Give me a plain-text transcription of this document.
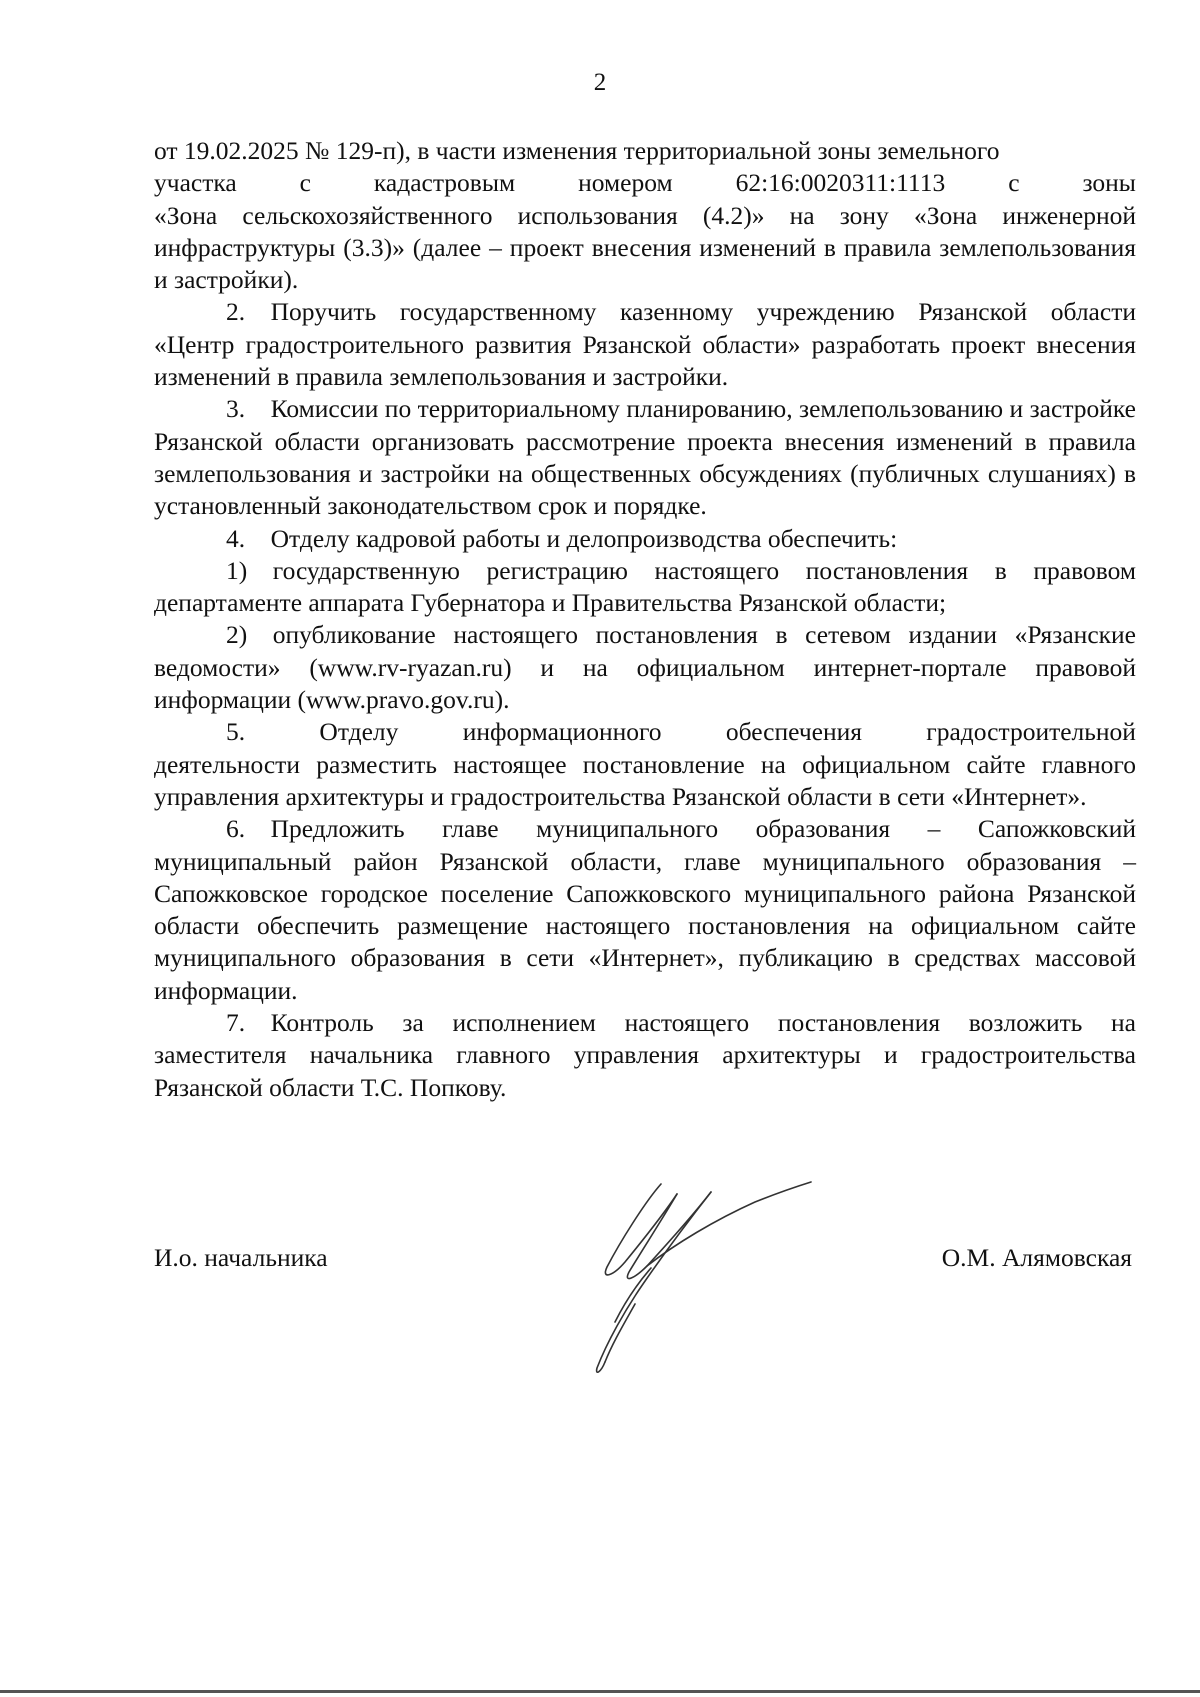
2

от 19.02.2025 № 129-п), в части изменения территориальной зоны земельного

участка с кадастровым номером 62:16:0020311:1113 с зоны

«Зона сельскохозяйственного использования (4.2)» на зону «Зона инженерной инфраструктуры (3.3)» (далее – проект внесения изменений в правила землепользования и застройки).

2. Поручить государственному казенному учреждению Рязанской области «Центр градостроительного развития Рязанской области» разработать проект внесения изменений в правила землепользования и застройки.

3. Комиссии по территориальному планированию, землепользованию и застройке Рязанской области организовать рассмотрение проекта внесения изменений в правила землепользования и застройки на общественных обсуждениях (публичных слушаниях) в установленный законодательством срок и порядке.

4. Отделу кадровой работы и делопроизводства обеспечить:

1) государственную регистрацию настоящего постановления в правовом департаменте аппарата Губернатора и Правительства Рязанской области;

2) опубликование настоящего постановления в сетевом издании «Рязанские ведомости» (www.rv-ryazan.ru) и на официальном интернет-портале правовой информации (www.pravo.gov.ru).

5.	Отделу	информационного	обеспечения	градостроительной

деятельности разместить настоящее постановление на официальном сайте главного управления архитектуры и градостроительства Рязанской области в сети «Интернет».

6. Предложить главе муниципального образования – Сапожковский муниципальный район Рязанской области, главе муниципального образования – Сапожковское городское поселение Сапожковского муниципального района Рязанской области обеспечить размещение настоящего постановления на официальном сайте муниципального образования в сети «Интернет», публикацию в средствах массовой информации.

7. Контроль за исполнением настоящего постановления возложить на заместителя начальника главного управления архитектуры и градостроительства Рязанской области Т.С. Попкову.

И.о. начальника	О.М. Алямовская
